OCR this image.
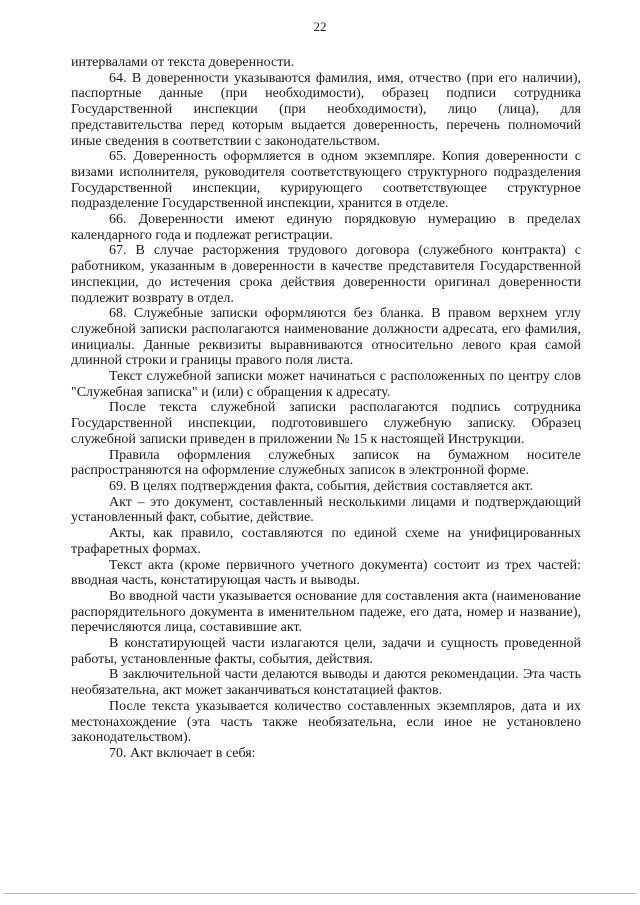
22

интервалами от текста доверенности.

64. В доверенности указываются фамилия, имя, отчество (при его наличии), паспортные данные (при необходимости), образец подписи сотрудника Государственной инспекции (при необходимости), лицо (лица), для представительства перед которым выдается доверенность, перечень полномочий иные сведения в соответствии с законодательством.

65. Доверенность оформляется в одном экземпляре. Копия доверенности с визами исполнителя, руководителя соответствующего структурного подразделения Государственной инспекции, курирующего соответствующее структурное подразделение Государственной инспекции, хранится в отделе.

66. Доверенности имеют единую порядковую нумерацию в пределах календарного года и подлежат регистрации.

67. В случае расторжения трудового договора (служебного контракта) с работником, указанным в доверенности в качестве представителя Государственной инспекции, до истечения срока действия доверенности оригинал доверенности подлежит возврату в отдел.

68. Служебные записки оформляются без бланка. В правом верхнем углу служебной записки располагаются наименование должности адресата, его фамилия, инициалы. Данные реквизиты выравниваются относительно левого края самой длинной строки и границы правого поля листа.

Текст служебной записки может начинаться с расположенных по центру слов "Служебная записка" и (или) с обращения к адресату.

После текста служебной записки располагаются подпись сотрудника Государственной инспекции, подготовившего служебную записку. Образец служебной записки приведен в приложении № 15 к настоящей Инструкции.

Правила оформления служебных записок на бумажном носителе распространяются на оформление служебных записок в электронной форме.

69. В целях подтверждения факта, события, действия составляется акт.

Акт – это документ, составленный несколькими лицами и подтверждающий установленный факт, событие, действие.

Акты, как правило, составляются по единой схеме на унифицированных трафаретных формах.

Текст акта (кроме первичного учетного документа) состоит из трех частей: вводная часть, констатирующая часть и выводы.

Во вводной части указывается основание для составления акта (наименование распорядительного документа в именительном падеже, его дата, номер и название), перечисляются лица, составившие акт.

В констатирующей части излагаются цели, задачи и сущность проведенной работы, установленные факты, события, действия.

В заключительной части делаются выводы и даются рекомендации. Эта часть необязательна, акт может заканчиваться констатацией фактов.

После текста указывается количество составленных экземпляров, дата и их местонахождение (эта часть также необязательна, если иное не установлено законодательством).

70. Акт включает в себя:
